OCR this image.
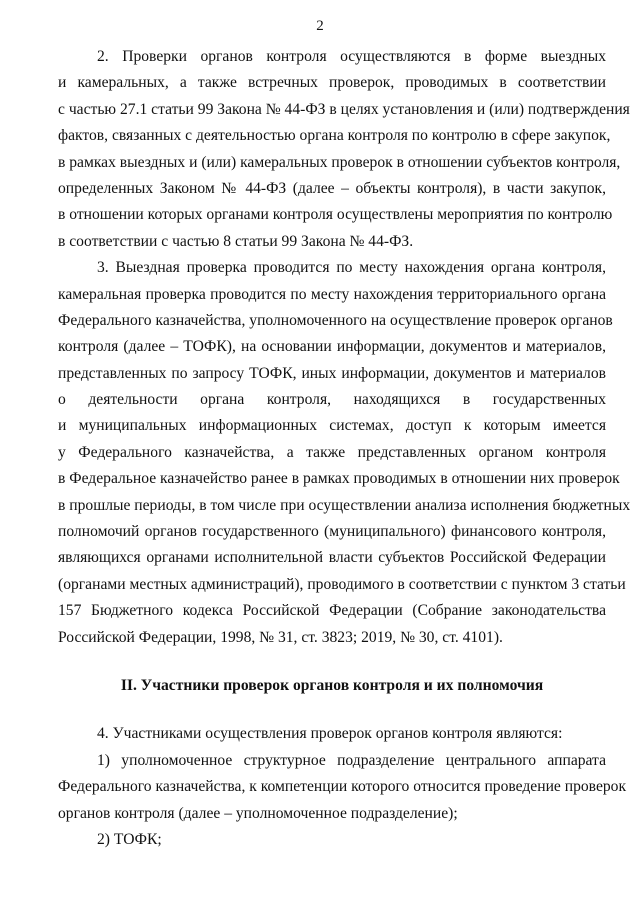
2
2. Проверки органов контроля осуществляются в форме выездных
и камеральных, а также встречных проверок, проводимых в соответствии
с частью 27.1 статьи 99 Закона № 44-ФЗ в целях установления и (или) подтверждения
фактов, связанных с деятельностью органа контроля по контролю в сфере закупок,
в рамках выездных и (или) камеральных проверок в отношении субъектов контроля,
определенных Законом № 44-ФЗ (далее – объекты контроля), в части закупок,
в отношении которых органами контроля осуществлены мероприятия по контролю
в соответствии с частью 8 статьи 99 Закона № 44-ФЗ.
3. Выездная проверка проводится по месту нахождения органа контроля,
камеральная проверка проводится по месту нахождения территориального органа
Федерального казначейства, уполномоченного на осуществление проверок органов
контроля (далее – ТОФК), на основании информации, документов и материалов,
представленных по запросу ТОФК, иных информации, документов и материалов
о деятельности органа контроля, находящихся в государственных
и муниципальных информационных системах, доступ к которым имеется
у Федерального казначейства, а также представленных органом контроля
в Федеральное казначейство ранее в рамках проводимых в отношении них проверок
в прошлые периоды, в том числе при осуществлении анализа исполнения бюджетных
полномочий органов государственного (муниципального) финансового контроля,
являющихся органами исполнительной власти субъектов Российской Федерации
(органами местных администраций), проводимого в соответствии с пунктом 3 статьи
157 Бюджетного кодекса Российской Федерации (Собрание законодательства
Российской Федерации, 1998, № 31, ст. 3823; 2019, № 30, ст. 4101).
II. Участники проверок органов контроля и их полномочия
4. Участниками осуществления проверок органов контроля являются:
1) уполномоченное структурное подразделение центрального аппарата
Федерального казначейства, к компетенции которого относится проведение проверок
органов контроля (далее – уполномоченное подразделение);
2) ТОФК;
